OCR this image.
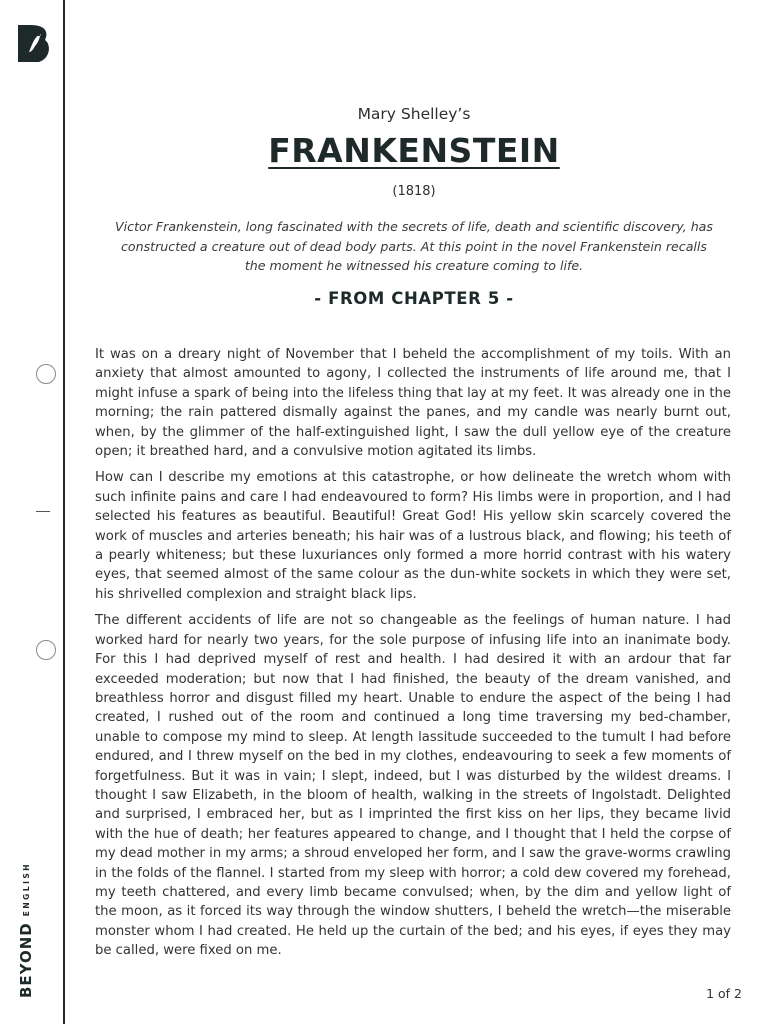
BEYOND
ENGLISH
Mary Shelley’s
FRANKENSTEIN
(1818)
Victor Frankenstein, long fascinated with the secrets of life, death and scientific discovery, has constructed a creature out of dead body parts. At this point in the novel Frankenstein recalls the moment he witnessed his creature coming to life.
- FROM CHAPTER 5 -

It was on a dreary night of November that I beheld the accomplishment of my toils. With an anxiety that almost amounted to agony, I collected the instruments of life around me, that I might infuse a spark of being into the lifeless thing that lay at my feet. It was already one in the morning; the rain pattered dismally against the panes, and my candle was nearly burnt out, when, by the glimmer of the half-extinguished light, I saw the dull yellow eye of the creature open; it breathed hard, and a convulsive motion agitated its limbs.

How can I describe my emotions at this catastrophe, or how delineate the wretch whom with such infinite pains and care I had endeavoured to form? His limbs were in proportion, and I had selected his features as beautiful. Beautiful! Great God! His yellow skin scarcely covered the work of muscles and arteries beneath; his hair was of a lustrous black, and flowing; his teeth of a pearly whiteness; but these luxuriances only formed a more horrid contrast with his watery eyes, that seemed almost of the same colour as the dun-white sockets in which they were set, his shrivelled complexion and straight black lips.

The different accidents of life are not so changeable as the feelings of human nature. I had worked hard for nearly two years, for the sole purpose of infusing life into an inanimate body. For this I had deprived myself of rest and health. I had desired it with an ardour that far exceeded moderation; but now that I had finished, the beauty of the dream vanished, and breathless horror and disgust filled my heart. Unable to endure the aspect of the being I had created, I rushed out of the room and continued a long time traversing my bed-chamber, unable to compose my mind to sleep. At length lassitude succeeded to the tumult I had before endured, and I threw myself on the bed in my clothes, endeavouring to seek a few moments of forgetfulness. But it was in vain; I slept, indeed, but I was disturbed by the wildest dreams. I thought I saw Elizabeth, in the bloom of health, walking in the streets of Ingolstadt. Delighted and surprised, I embraced her, but as I imprinted the first kiss on her lips, they became livid with the hue of death; her features appeared to change, and I thought that I held the corpse of my dead mother in my arms; a shroud enveloped her form, and I saw the grave-worms crawling in the folds of the flannel. I started from my sleep with horror; a cold dew covered my forehead, my teeth chattered, and every limb became convulsed; when, by the dim and yellow light of the moon, as it forced its way through the window shutters, I beheld the wretch—the miserable monster whom I had created. He held up the curtain of the bed; and his eyes, if eyes they may be called, were fixed on me.

1 of 2
